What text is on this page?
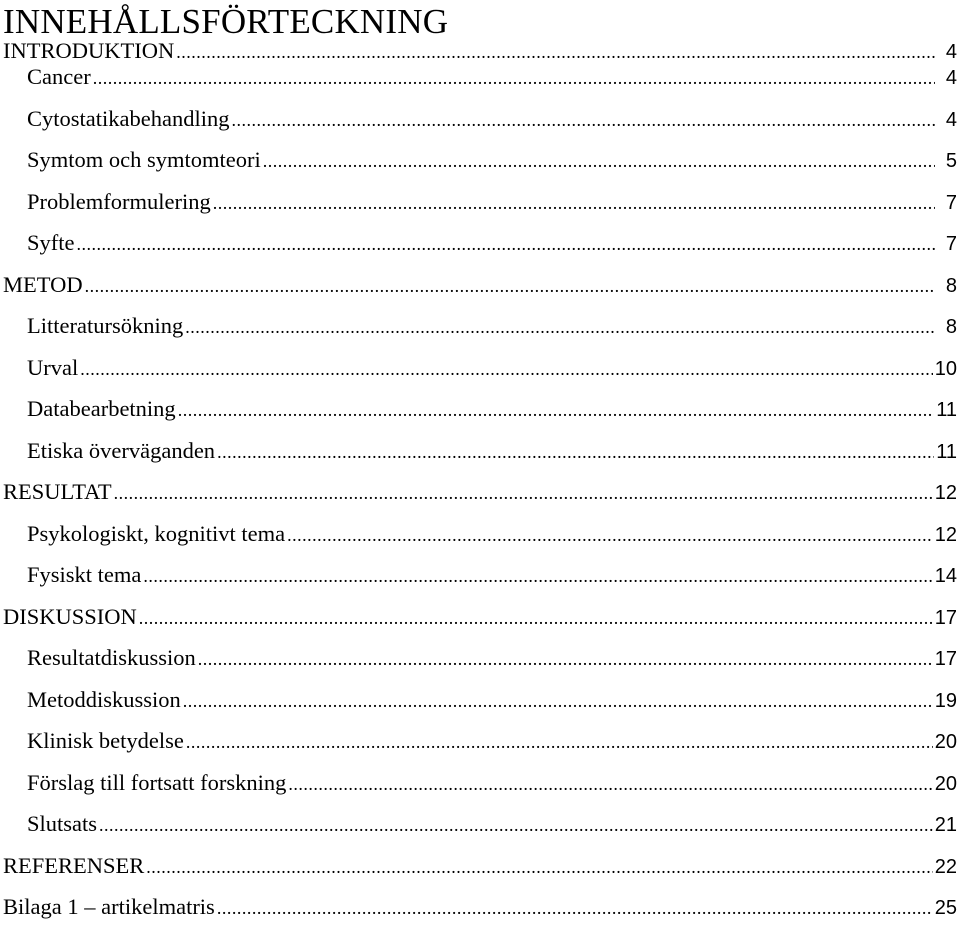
INNEHÅLLSFÖRTECKNING
INTRODUKTION .....	4
Cancer .....	4
Cytostatikabehandling .....	4
Symtom och symtomteori .....	5
Problemformulering .....	7
Syfte .....	7
METOD .....	8
Litteratursökning .....	8
Urval .....	10
Databearbetning .....	11
Etiska överväganden .....	11
RESULTAT .....	12
Psykologiskt, kognitivt tema .....	12
Fysiskt tema .....	14
DISKUSSION .....	17
Resultatdiskussion .....	17
Metoddiskussion .....	19
Klinisk betydelse .....	20
Förslag till fortsatt forskning .....	20
Slutsats .....	21
REFERENSER .....	22
Bilaga 1 – artikelmatris .....	25
